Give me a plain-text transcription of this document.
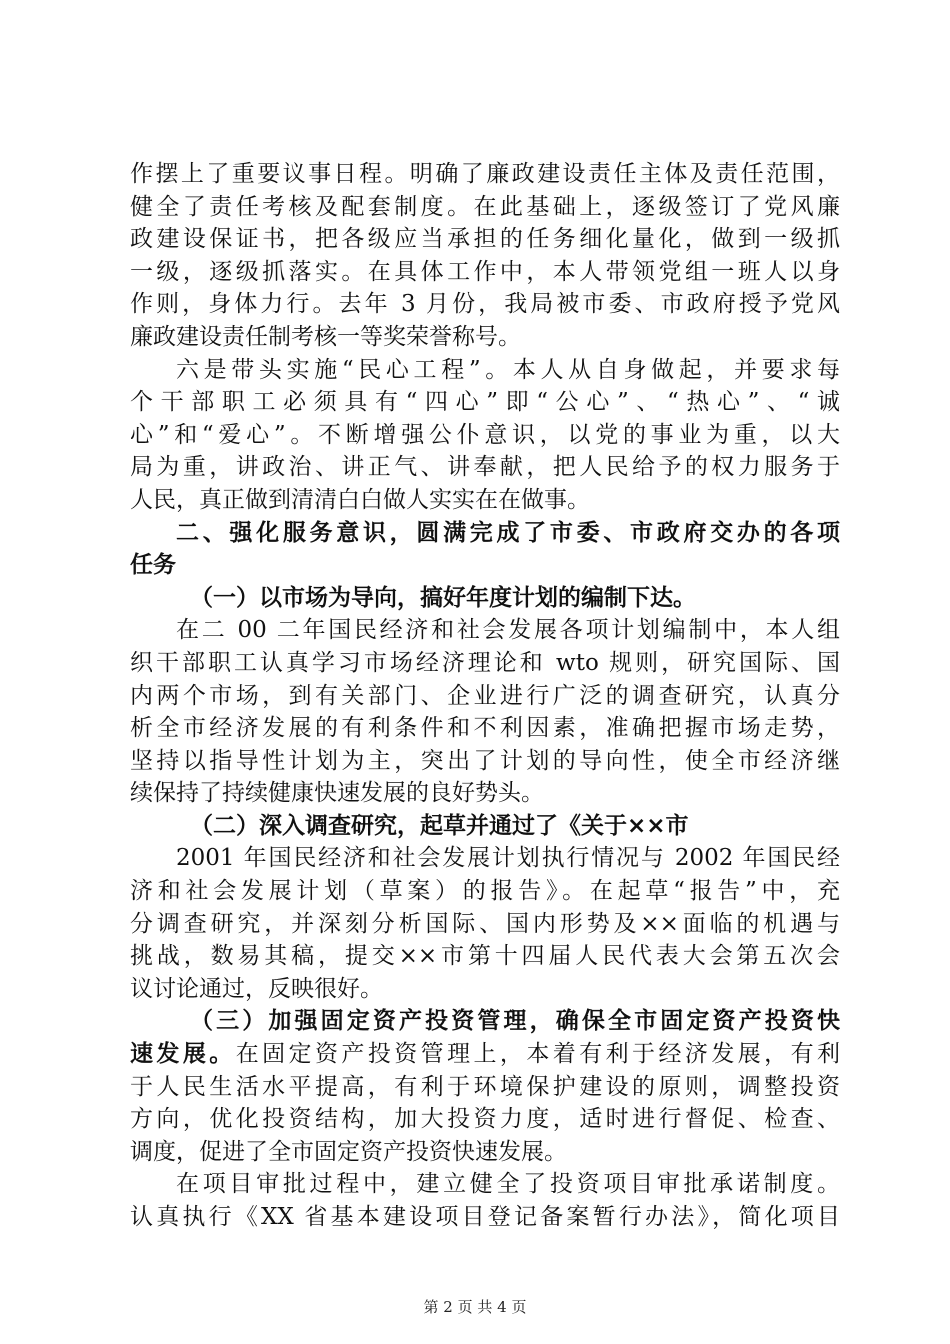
作摆上了重要议事日程。明确了廉政建设责任主体及责任范围，

健全了责任考核及配套制度。在此基础上，逐级签订了党风廉

政建设保证书，把各级应当承担的任务细化量化，做到一级抓

一级，逐级抓落实。在具体工作中，本人带领党组一班人以身

作则，身体力行。去年 3 月份，我局被市委、市政府授予党风

廉政建设责任制考核一等奖荣誉称号。

六是带头实施“民心工程”。本人从自身做起，并要求每

个干部职工必须具有“四心”即“公心”、“热心”、“诚

心”和“爱心”。不断增强公仆意识，以党的事业为重，以大

局为重，讲政治、讲正气、讲奉献，把人民给予的权力服务于

人民，真正做到清清白白做人实实在在做事。

二、强化服务意识，圆满完成了市委、市政府交办的各项

任务

（一）以市场为导向，搞好年度计划的编制下达。

在二 00 二年国民经济和社会发展各项计划编制中，本人组

织干部职工认真学习市场经济理论和 wto 规则，研究国际、国

内两个市场，到有关部门、企业进行广泛的调查研究，认真分

析全市经济发展的有利条件和不利因素，准确把握市场走势，

坚持以指导性计划为主，突出了计划的导向性，使全市经济继

续保持了持续健康快速发展的良好势头。

（二）深入调查研究，起草并通过了《关于××市

2001 年国民经济和社会发展计划执行情况与 2002 年国民经

济和社会发展计划（草案）的报告》。在起草“报告”中，充

分调查研究，并深刻分析国际、国内形势及××面临的机遇与

挑战，数易其稿，提交××市第十四届人民代表大会第五次会

议讨论通过，反映很好。

（三）加强固定资产投资管理，确保全市固定资产投资快

速发展。在固定资产投资管理上，本着有利于经济发展，有利

于人民生活水平提高，有利于环境保护建设的原则，调整投资

方向，优化投资结构，加大投资力度，适时进行督促、检查、

调度，促进了全市固定资产投资快速发展。

在项目审批过程中，建立健全了投资项目审批承诺制度。

认真执行《XX 省基本建设项目登记备案暂行办法》，简化项目

第 2 页 共 4 页
